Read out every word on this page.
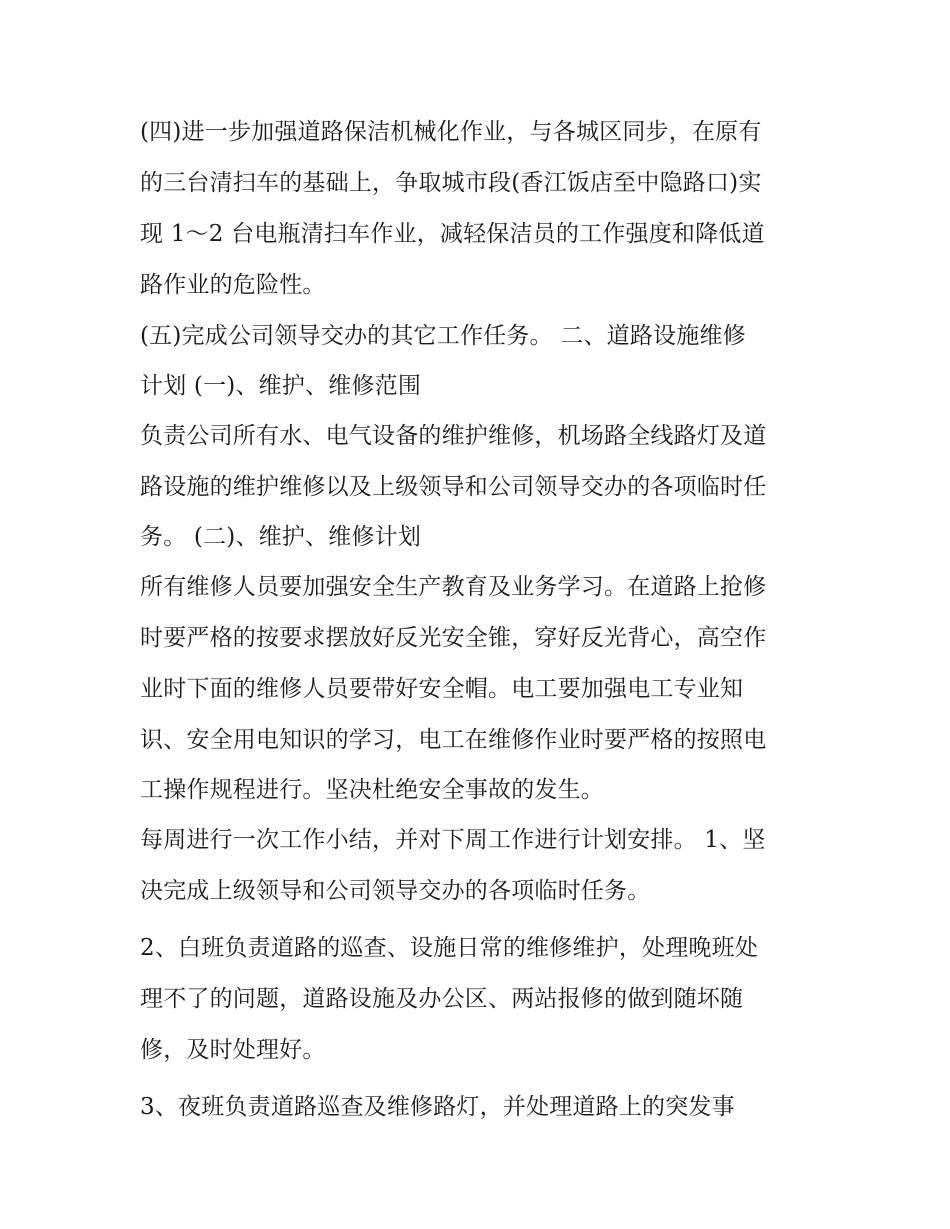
(四)进一步加强道路保洁机械化作业，与各城区同步，在原有
的三台清扫车的基础上，争取城市段(香江饭店至中隐路口)实
现 1～2 台电瓶清扫车作业，减轻保洁员的工作强度和降低道
路作业的危险性。
(五)完成公司领导交办的其它工作任务。 二、道路设施维修
计划 (一)、维护、维修范围
负责公司所有水、电气设备的维护维修，机场路全线路灯及道
路设施的维护维修以及上级领导和公司领导交办的各项临时任
务。 (二)、维护、维修计划
所有维修人员要加强安全生产教育及业务学习。在道路上抢修
时要严格的按要求摆放好反光安全锥，穿好反光背心，高空作
业时下面的维修人员要带好安全帽。电工要加强电工专业知
识、安全用电知识的学习，电工在维修作业时要严格的按照电
工操作规程进行。坚决杜绝安全事故的发生。
每周进行一次工作小结，并对下周工作进行计划安排。 1、坚
决完成上级领导和公司领导交办的各项临时任务。
2、白班负责道路的巡查、设施日常的维修维护，处理晚班处
理不了的问题，道路设施及办公区、两站报修的做到随坏随
修，及时处理好。
3、夜班负责道路巡查及维修路灯，并处理道路上的突发事
